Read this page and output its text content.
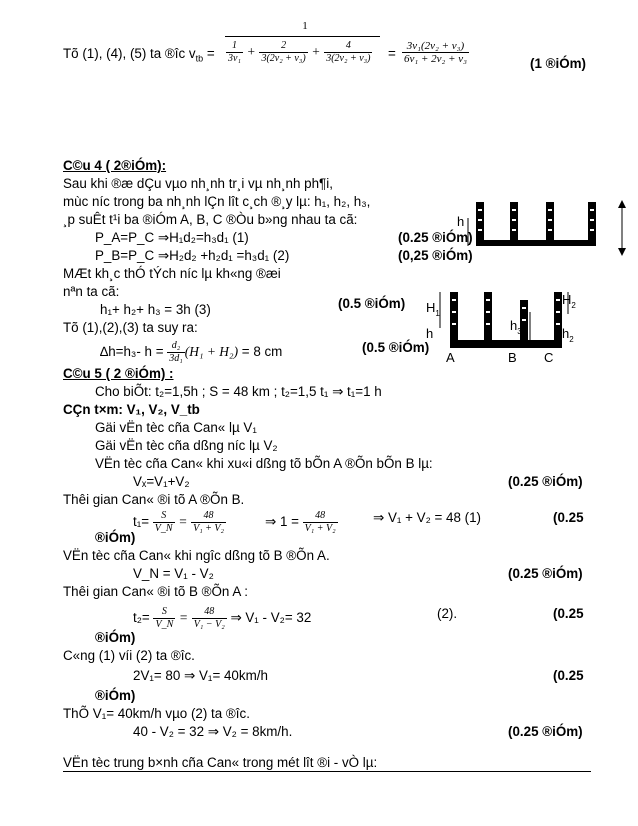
Tõ (1), (4), (5) ta ®îc $v_{tb}$ =
1
$\frac{1}{\text{3v₁}} + \frac{2}{\text{3(2v₂ + v₃)}} + \frac{4}{\text{3(2v₂ + v₃)}} = \frac{\text{3v₁(2v₂ + v₃)}}{\text{6v₁ + 2v₂ + v₃}}$	(1 ®iÓm)
C©u 4 ( 2®iÓm):
Sau khi ®æ dÇu vµo nh¸nh tr¸i vµ nh¸nh ph¶i,
mùc níc trong ba nh¸nh lÇn lît c¸ch ®¸y lµ: h₁, h₂, h₃,
¸p suÊt t¹i ba ®iÓm A, B, C ®Òu b»ng nhau ta cã:
P_A=P_C ⇒H₁d₂=h₃d₁ (1)	(0.25 ®iÓm)
P_B=P_C ⇒H₂d₂ +h₂d₁ =h₃d₁ (2)	(0,25 ®iÓm)
MÆt kh¸c thÓ tÝch níc lµ kh«ng ®æi
nªn ta cã:
h₁+ h₂+ h₃ = 3h (3)	(0.5 ®iÓm)
Tõ (1),(2),(3) ta suy ra:
∆h=h₃- $h = \frac{\text{d₂}}{\text{3d₁}} (H_1 + H_2) = 8$ cm	(0.5 ®iÓm)
h
$H_1$
h
$h_3$
$H_2$
$h_2$
A	B C
C©u 5 ( 2 ®iÓm) :
Cho biÕt: t₂=1,5h ; S = 48 km ; t₂=1,5 t₁ ⇒ t₁=1 h
CÇn t×m: V₁, V₂, V_tb
Gäi vËn tèc cña Can« lµ V₁
Gäi vËn tèc cña dßng níc lµ V₂
VËn tèc cña Can« khi xu«i dßng tõ bÕn A ®Õn bÕn B lµ:
Vₓ=V₁+V₂	(0.25 ®iÓm)
Thêi gian Can« ®i tõ A ®Õn B.
$t_1= \frac{S}{V\_N} = \frac{48}{\text{V₁ + V₂}}$	⇒ $1 = \frac{48}{\text{V₁ + V₂}}$	⇒ V₁ + V₂ = 48 (1)	(0.25
®iÓm)
VËn tèc cña Can« khi ngîc dßng tõ B ®Õn A.
V_N = V₁ - V₂	(0.25 ®iÓm)
Thêi gian Can« ®i tõ B ®Õn A :
$t_2= \frac{S}{V\_N} = \frac{48}{\text{V₁ − V₂}}$ ⇒ V₁ - V₂= 32	(2).	(0.25
®iÓm)
C«ng (1) víi (2) ta ®îc.
2V₁= 80 ⇒ V₁= 40km/h	(0.25
®iÓm)
ThÕ V₁= 40km/h vµo (2) ta ®îc.
40 - V₂ = 32 ⇒ V₂ = 8km/h.	(0.25 ®iÓm)
VËn tèc trung b×nh cña Can« trong mét lît ®i - vÒ lµ:
